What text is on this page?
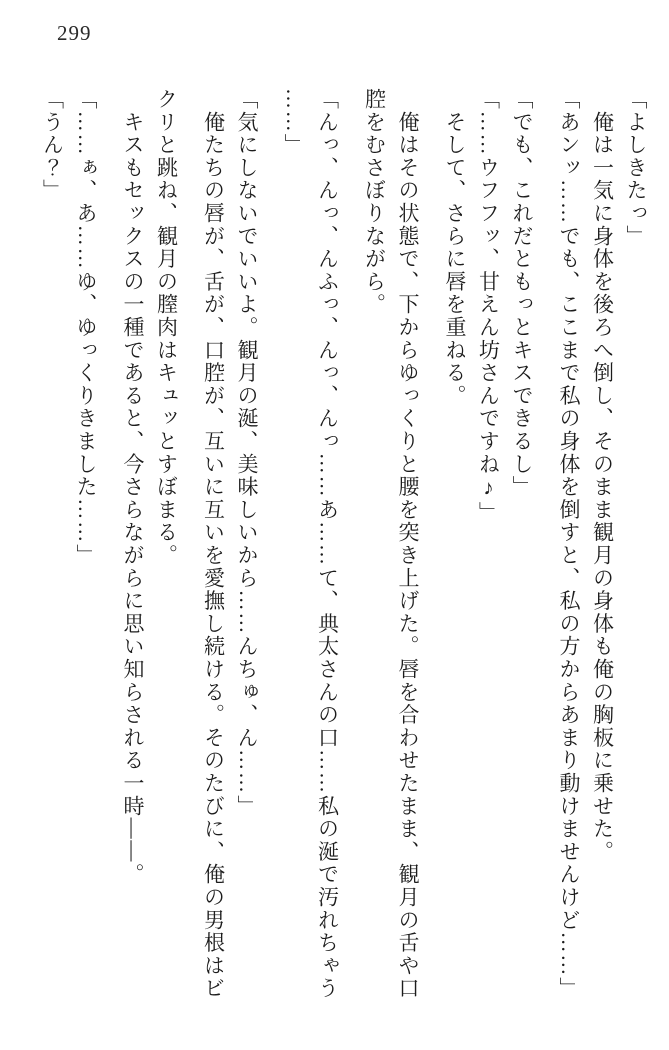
299

「よしきたっ」

　俺は一気に身体を後ろへ倒し、そのまま観月の身体も俺の胸板に乗せた。

「あンッ……でも、ここまで私の身体を倒すと、私の方からあまり動けませんけど……」

「でも、これだともっとキスできるし」

「……ウフフッ、甘えん坊さんですね♪」

　そして、さらに唇を重ねる。

　俺はその状態で、下からゆっくりと腰を突き上げた。唇を合わせたまま、観月の舌や口

腔をむさぼりながら。

「んっ、んっ、んふっ、んっ、んっ……あ……て、典太さんの口……私の涎で汚れちゃう

……」

「気にしないでいいよ。観月の涎、美味しいから……んちゅ、ん……」

　俺たちの唇が、舌が、口腔が、互いに互いを愛撫し続ける。そのたびに、俺の男根はビ

クリと跳ね、観月の膣肉はキュッとすぼまる。

　キスもセックスの一種であると、今さらながらに思い知らされる一時――。

「……ぁ、あ……ゆ、ゆっくりきました……」

「うん？」
